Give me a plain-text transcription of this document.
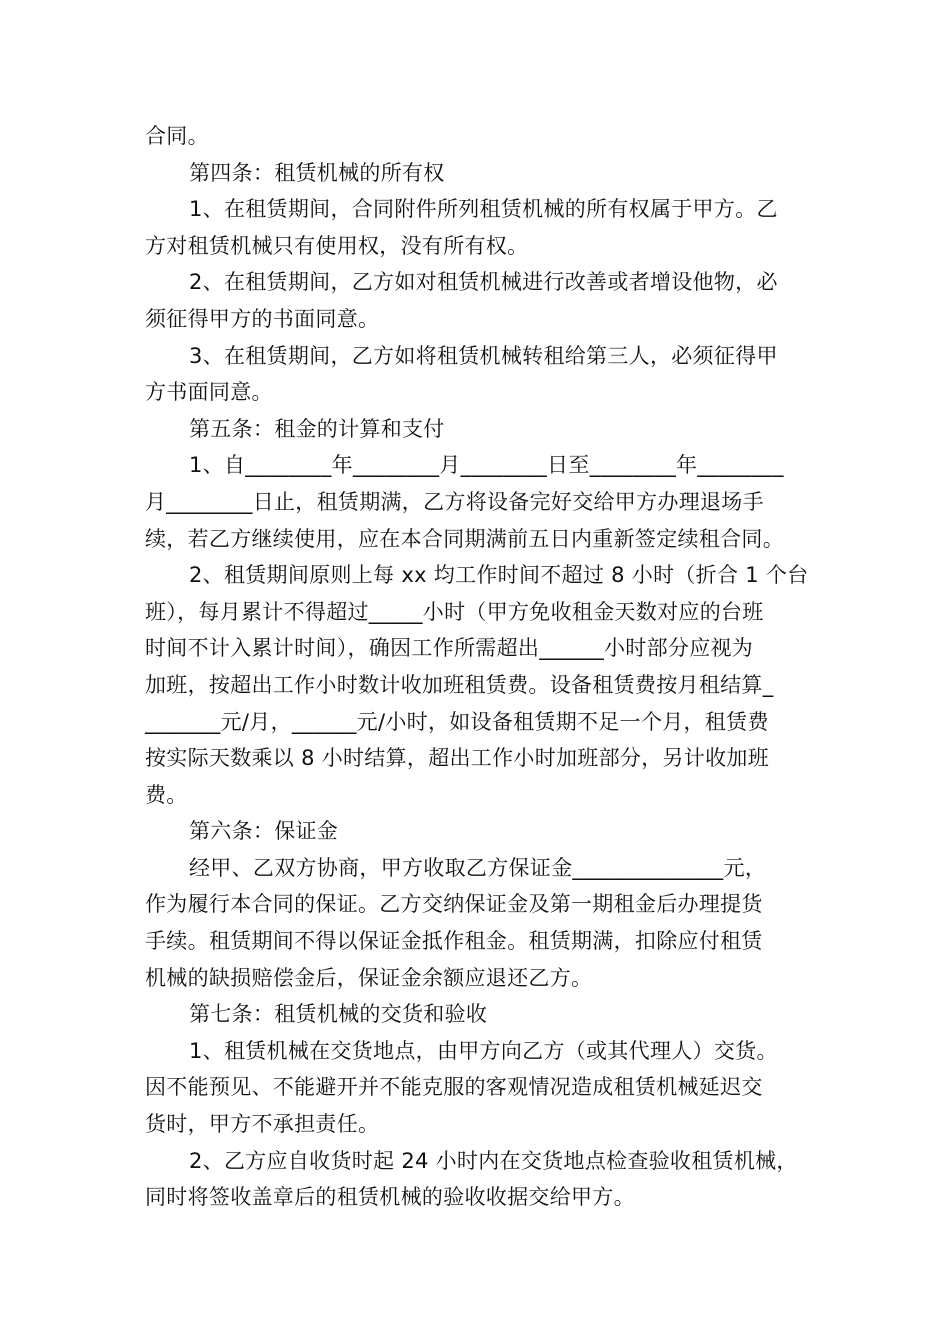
合同。
第四条：租赁机械的所有权
1、在租赁期间，合同附件所列租赁机械的所有权属于甲方。乙
方对租赁机械只有使用权，没有所有权。
2、在租赁期间，乙方如对租赁机械进行改善或者增设他物，必
须征得甲方的书面同意。
3、在租赁期间，乙方如将租赁机械转租给第三人，必须征得甲
方书面同意。
第五条：租金的计算和支付
1、自________年________月________日至________年________
月________日止，租赁期满，乙方将设备完好交给甲方办理退场手
续，若乙方继续使用，应在本合同期满前五日内重新签定续租合同。
2、租赁期间原则上每 xx 均工作时间不超过 8 小时（折合 1 个台
班），每月累计不得超过_____小时（甲方免收租金天数对应的台班
时间不计入累计时间），确因工作所需超出______小时部分应视为
加班，按超出工作小时数计收加班租赁费。设备租赁费按月租结算_
_______元/月，______元/小时，如设备租赁期不足一个月，租赁费
按实际天数乘以 8 小时结算，超出工作小时加班部分，另计收加班
费。
第六条：保证金
经甲、乙双方协商，甲方收取乙方保证金______________元，
作为履行本合同的保证。乙方交纳保证金及第一期租金后办理提货
手续。租赁期间不得以保证金抵作租金。租赁期满，扣除应付租赁
机械的缺损赔偿金后，保证金余额应退还乙方。
第七条：租赁机械的交货和验收
1、租赁机械在交货地点，由甲方向乙方（或其代理人）交货。
因不能预见、不能避开并不能克服的客观情况造成租赁机械延迟交
货时，甲方不承担责任。
2、乙方应自收货时起 24 小时内在交货地点检查验收租赁机械，
同时将签收盖章后的租赁机械的验收收据交给甲方。
